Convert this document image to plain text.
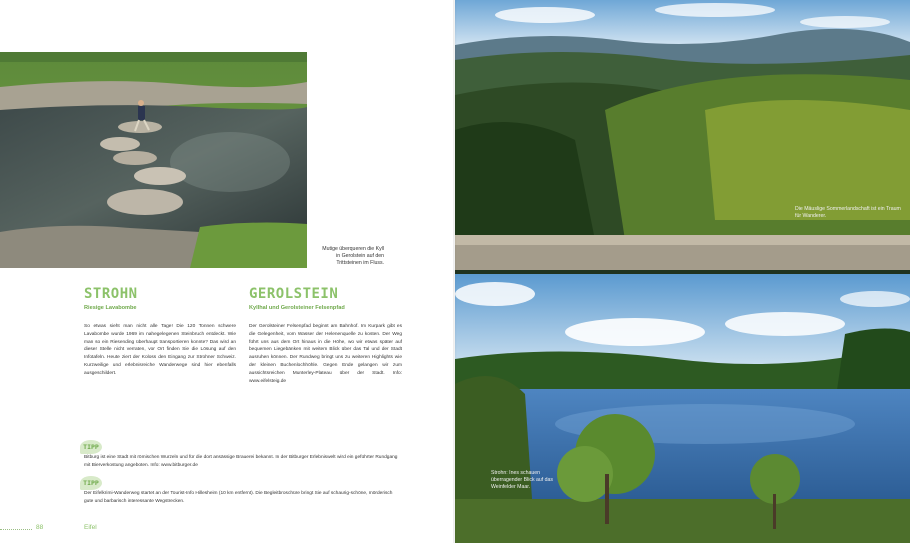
Mutige überqueren die Kyll in Gerolstein auf den Trittsteinen im Fluss.
STROHN
Riesige Lavabombe
So etwas sieht man nicht alle Tage! Die 120 Tonnen schwere Lavabombe wurde 1969 im nahegelegenen Steinbruch entdeckt. Wie man so ein Riesending überhaupt transportieren konnte? Das wird an dieser Stelle nicht verraten, vor Ort finden Sie die Lösung auf den Infotafeln. Heute ziert der Koloss den Eingang zur Strohner Schweiz. Kurzweilige und erlebnisreiche Wanderwege sind hier ebenfalls ausgeschildert.
GEROLSTEIN
Kyllhal und Gerolsteiner Felsenpfad
Der Gerolsteiner Felsenpfad beginnt am Bahnhof. Im Kurpark gibt es die Gelegenheit, vom Wasser der Helenenquelle zu kosten. Der Weg führt uns aus dem Ort hinaus in die Höhe, wo wir etwas später auf bequemen Liegebänken mit weitem Blick über das Tal und der Stadt ausruhen können. Der Rundweg bringt uns zu weiteren Highlights wie der kleinen Buchenlochhöhle. Gegen Ende gelangen wir zum aussichtsreichen Munterley-Plateau über der Stadt. Info: www.eifelsteig.de
TIPP
Bitburg ist eine Stadt mit römischen Wurzeln und für die dort ansässige Brauerei bekannt. In der Bitburger Erlebniswelt wird ein geführter Rundgang mit Bierverkostung angeboten. Info: www.bitburger.de
TIPP
Der Eifelkrimi-Wanderweg startet an der Tourist-Info Hillesheim (10 km entfernt). Die Begleitbroschüre bringt Sie auf schaurig-schöne, mörderisch gute und barbarisch interessante Wegstrecken.
88	Eifel
Die Mäuslige Sommerlandschaft ist ein Traum für Wanderer.
Strohn: Ines schauen überragender Blick auf das Weinfelder Maar.
